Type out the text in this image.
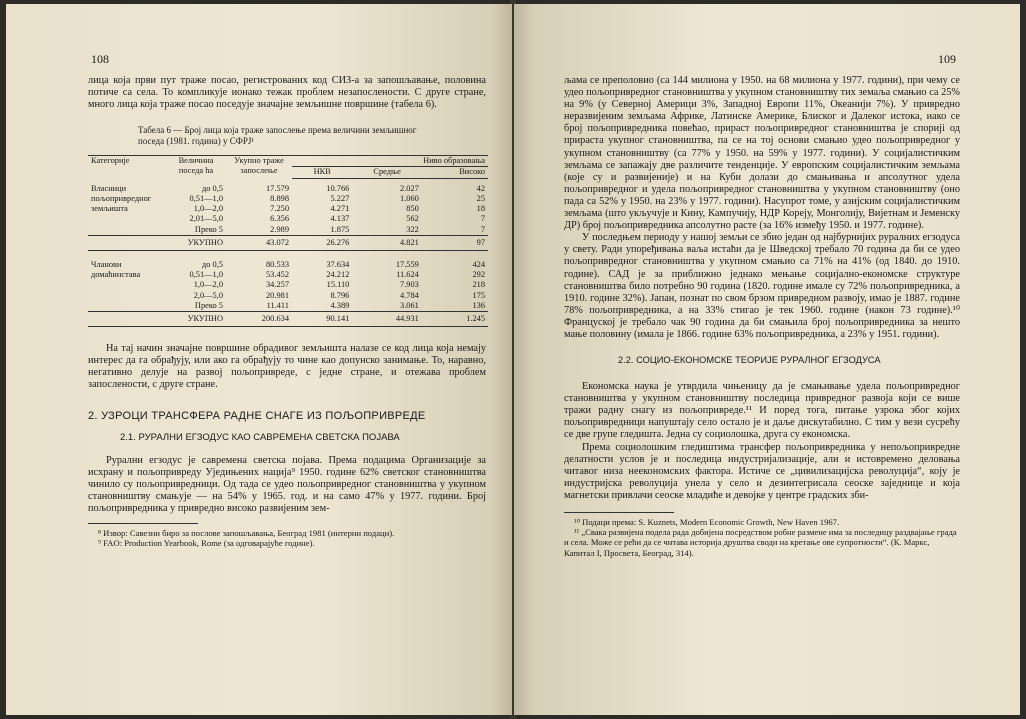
108

лица која први пут траже посао, регистрованих код СИЗ-а за запошљавање, половина потиче са села. То компликује ионако тежак проблем незапослености. С друге стране, много лица која траже посао поседује значајне земљишне површине (табела 6).

Табела 6 — Број лица која траже запослење према величини земљишног поседа (1981. година) у СФРЈ¹
Категорије	Величина поседа ha	Укупно траже запослење	Ниво образовања		
			НКВ	Средње	Високо

Власници пољопривредног земљишта	до 0,5	17.579	10.766	2.027	42
	0,51—1,0	8.898	5.227	1.060	25
	1,0—2,0	7.250	4.271	850	18
	2,01—5,0	6.356	4.137	562	7
	Преко 5	2.989	1.875	322	7
	УКУПНО	43.072	26.276	4.821	97

Чланови домаћинстава	до 0,5	80.533	37.634	17.559	424
	0,51—1,0	53.452	24.212	11.624	292
	1,0—2,0	34.257	15.110	7.903	218
	2,0—5,0	20.981	8.796	4.784	175
	Преко 5	11.411	4.389	3.061	136
	УКУПНО	200.634	90.141	44.931	1.245

На тај начин значајне површине обрадивог земљишта налазе се код лица која немају интерес да га обрађују, или ако га обрађују то чине као допунско занимање. То, наравно, негативно делује на развој пољопривреде, с једне стране, и отежава проблем запослености, с друге стране.

2. УЗРОЦИ ТРАНСФЕРА РАДНЕ СНАГЕ ИЗ ПОЉОПРИВРЕДЕ
2.1. РУРАЛНИ ЕГЗОДУС КАО САВРЕМЕНА СВЕТСКА ПОЈАВА

Рурални егзодус је савремена светска појава. Према подацима Организације за исхрану и пољопривреду Уједињених нација⁹ 1950. године 62% светског становништва чинило су пољопривредници. Од тада се удео пољопривредног становништва у укупном становништву смањује — на 54% у 1965. год. и на само 47% у 1977. години. Број пољопривредника у привредно високо развијеним зем-

⁸ Извор: Савезни биро за послове запошљавања, Београд 1981 (интерни подаци).

⁹ FAO: Production Yearbook, Rome (за одговарајуће године).

109

љама се преполовио (са 144 милиона у 1950. на 68 милиона у 1977. години), при чему се удео пољопривредног становништва у укупном становништву тих земаља смањио са 25% на 9% (у Северној Америци 3%, Западној Европи 11%, Океанији 7%). У привредно неразвијеним земљама Африке, Латинске Америке, Блиског и Далеког истока, иако се број пољопривредника повећао, прираст пољопривредног становништва је споријi од прираста укупног становништва, па се на тој основи смањио удео пољопривредног у укупном становништву (са 77% у 1950. на 59% у 1977. години). У социјалистичким земљама се запажају две различите тенденције. У европским социјалистичким земљама (које су и развијеније) и на Куби долази до смањивања и апсолутног удела пољопривредног и удела пољопривредног становништва у укупном становништву (оно пада са 52% у 1950. на 23% у 1977. години). Насупрот томе, у азијским социјалистичким земљама (што укључује и Кину, Кампучију, НДР Кореју, Монголију, Вијетнам и Јеменску ДР) број пољопривредника апсолутно расте (за 16% између 1950. и 1977. године).

У последњем периоду у нашој земљи се збио један од најбурнијих руралних егзодуса у свету. Ради упоређивања ваља истаћи да је Шведској требало 70 година да би се удео пољопривредног становништва у укупном смањио са 71% на 41% (од 1840. до 1910. године). САД је за приближно једнако мењање социјално-економске структуре становништва било потребно 90 година (1820. године имале су 72% пољопривредника, а 1910. године 32%). Јапан, познат по свом брзом привредном развоју, имао је 1887. године 78% пољопривредника, а на 33% стигао је тек 1960. године (након 73 године).¹⁰ Француској је требало чак 90 година да би смањила број пољопривредника за нешто мање половину (имала је 1866. године 63% пољопривредника, а 23% у 1951. години).

2.2. СОЦИО-ЕКОНОМСКЕ ТЕОРИЈЕ РУРАЛНОГ ЕГЗОДУСА

Економска наука је утврдила чињеницу да је смањивање удела пољопривредног становништва у укупном становништву последица привредног развоја који се више тражи радну снагу из пољопривреде.¹¹ И поред тога, питање узрока због којих пољопривредници напуштају село остало је и даље дискутабилно. С тим у вези сусрећу се две групе гледишта. Једна су социолошка, друга су економска.

Према социолошким гледиштима трансфер пољопривредника у непољопривредне делатности услов је и последица индустријализације, али и истовремено деловања читавог низа неекономских фактора. Истиче се „цивилизацијска револуција“, коју је индустријска револуција унела у село и дезинтегрисала сеоске заједнице и која магнетски привлачи сеоске младиће и девојке у центре градских зби-

¹⁰ Подаци према: S. Kuznets, Modern Economic Growth, New Haven 1967.

¹¹ „Свака развијена подела рада добијена посредством робне размене има за последицу раздвајање града и села. Може се рећи да се читава историја друштва своди на кретање ове супротности“. (К. Маркс, Капитал I, Просвета, Београд, 314).
